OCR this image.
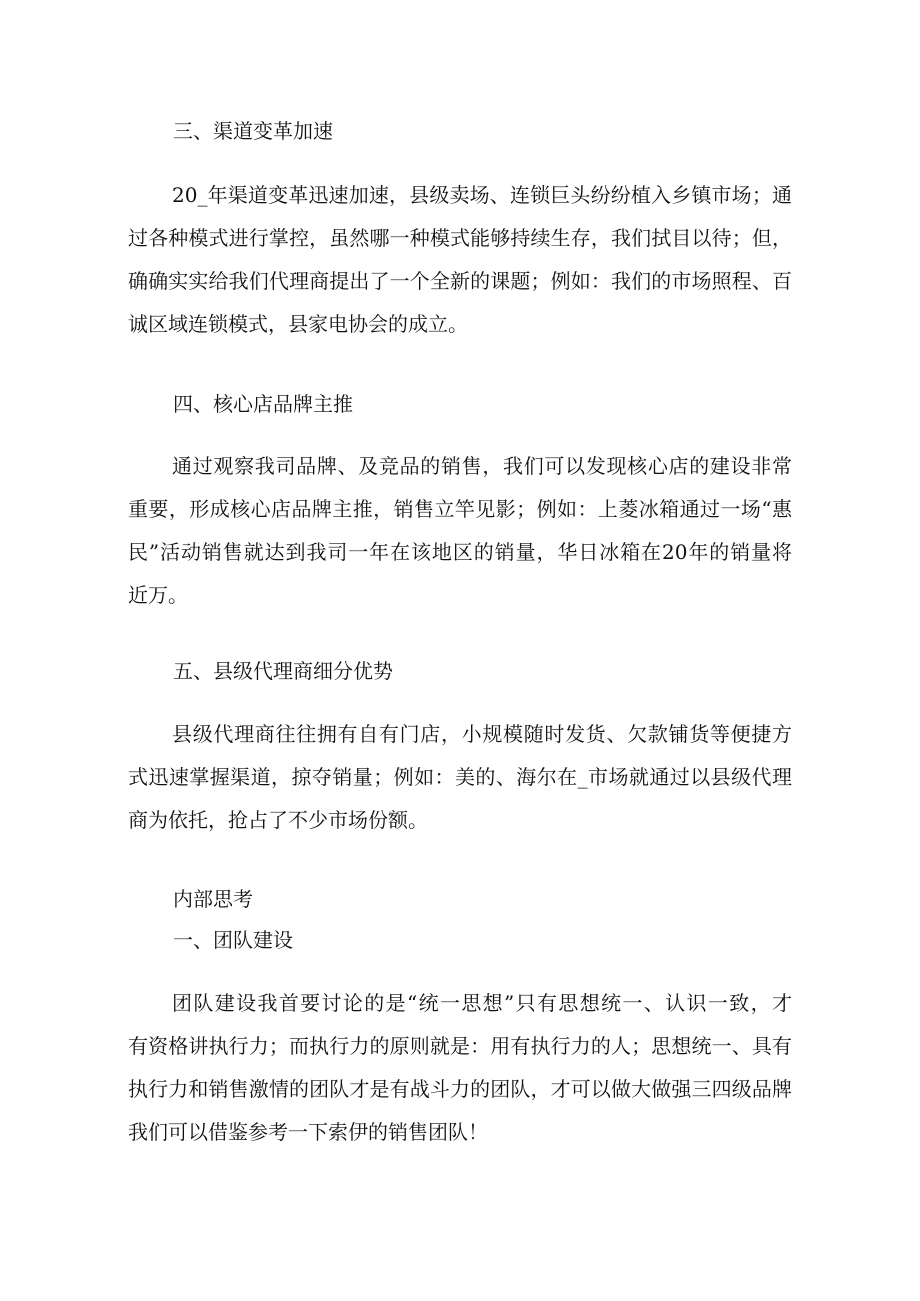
三、渠道变革加速
20_年渠道变革迅速加速，县级卖场、连锁巨头纷纷植入乡镇市场；通
过各种模式进行掌控，虽然哪一种模式能够持续生存，我们拭目以待；但，
确确实实给我们代理商提出了一个全新的课题；例如：我们的市场照程、百
诚区域连锁模式，县家电协会的成立。
四、核心店品牌主推
通过观察我司品牌、及竞品的销售，我们可以发现核心店的建设非常
重要，形成核心店品牌主推，销售立竿见影；例如：上菱冰箱通过一场“惠
民”活动销售就达到我司一年在该地区的销量，华日冰箱在20年的销量将
近万。
五、县级代理商细分优势
县级代理商往往拥有自有门店，小规模随时发货、欠款铺货等便捷方
式迅速掌握渠道，掠夺销量；例如：美的、海尔在_市场就通过以县级代理
商为依托，抢占了不少市场份额。
内部思考
一、团队建设
团队建设我首要讨论的是“统一思想”只有思想统一、认识一致，才
有资格讲执行力；而执行力的原则就是：用有执行力的人；思想统一、具有
执行力和销售激情的团队才是有战斗力的团队，才可以做大做强三四级品牌
我们可以借鉴参考一下索伊的销售团队！
